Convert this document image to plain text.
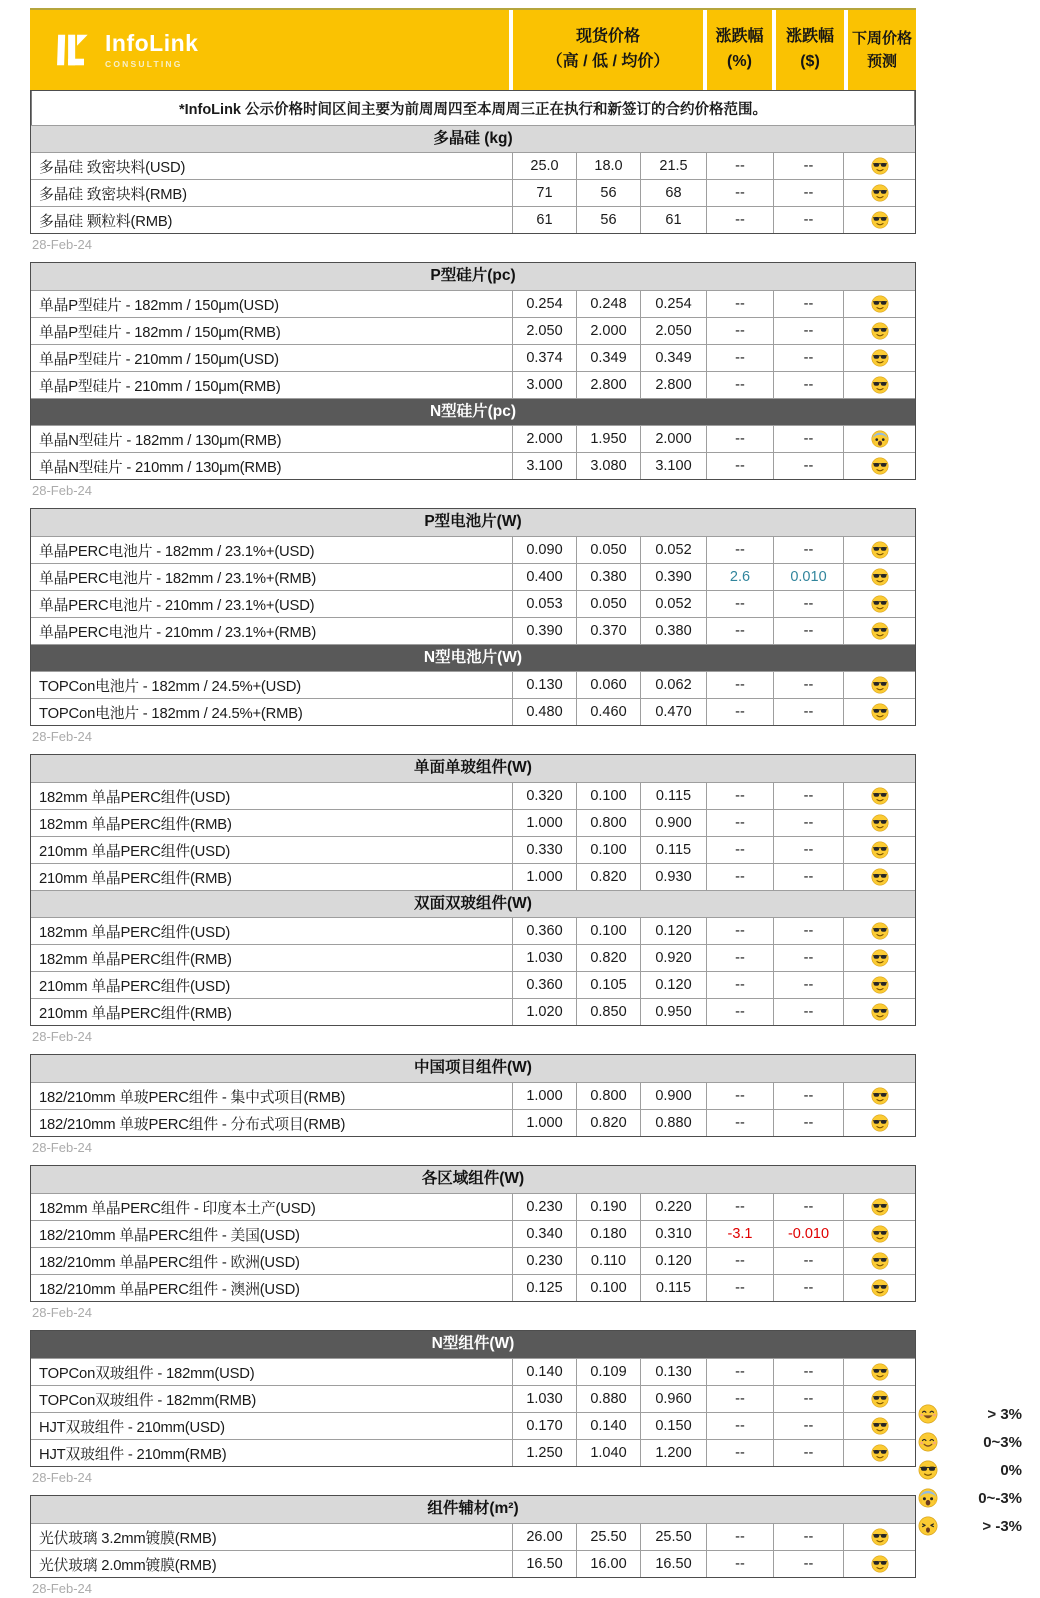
InfoLink
CONSULTING
现货价格
（高 / 低 / 均价）
涨跌幅
(%)
涨跌幅
($)
下周价格
预测
*InfoLink 公示价格时间区间主要为前周周四至本周周三正在执行和新签订的合约价格范围。
多晶硅 (kg)
多晶硅 致密块料(USD)	25.0	18.0	21.5	--	--
多晶硅 致密块料(RMB)	71	56	68	--	--
多晶硅 颗粒料(RMB)	61	56	61	--	--
28-Feb-24
P型硅片(pc)
单晶P型硅片 - 182mm / 150μm(USD)	0.254	0.248	0.254	--	--
单晶P型硅片 - 182mm / 150μm(RMB)	2.050	2.000	2.050	--	--
单晶P型硅片 - 210mm / 150μm(USD)	0.374	0.349	0.349	--	--
单晶P型硅片 - 210mm / 150μm(RMB)	3.000	2.800	2.800	--	--
N型硅片(pc)
单晶N型硅片 - 182mm / 130μm(RMB)	2.000	1.950	2.000	--	--
单晶N型硅片 - 210mm / 130μm(RMB)	3.100	3.080	3.100	--	--
28-Feb-24
P型电池片(W)
单晶PERC电池片 - 182mm / 23.1%+(USD)	0.090	0.050	0.052	--	--
单晶PERC电池片 - 182mm / 23.1%+(RMB)	0.400	0.380	0.390	2.6	0.010
单晶PERC电池片 - 210mm / 23.1%+(USD)	0.053	0.050	0.052	--	--
单晶PERC电池片 - 210mm / 23.1%+(RMB)	0.390	0.370	0.380	--	--
N型电池片(W)
TOPCon电池片 - 182mm / 24.5%+(USD)	0.130	0.060	0.062	--	--
TOPCon电池片 - 182mm / 24.5%+(RMB)	0.480	0.460	0.470	--	--
28-Feb-24
单面单玻组件(W)
182mm 单晶PERC组件(USD)	0.320	0.100	0.115	--	--
182mm 单晶PERC组件(RMB)	1.000	0.800	0.900	--	--
210mm 单晶PERC组件(USD)	0.330	0.100	0.115	--	--
210mm 单晶PERC组件(RMB)	1.000	0.820	0.930	--	--
双面双玻组件(W)
182mm 单晶PERC组件(USD)	0.360	0.100	0.120	--	--
182mm 单晶PERC组件(RMB)	1.030	0.820	0.920	--	--
210mm 单晶PERC组件(USD)	0.360	0.105	0.120	--	--
210mm 单晶PERC组件(RMB)	1.020	0.850	0.950	--	--
28-Feb-24
中国项目组件(W)
182/210mm 单玻PERC组件 - 集中式项目(RMB)	1.000	0.800	0.900	--	--
182/210mm 单玻PERC组件 - 分布式项目(RMB)	1.000	0.820	0.880	--	--
28-Feb-24
各区域组件(W)
182mm 单晶PERC组件 - 印度本土产(USD)	0.230	0.190	0.220	--	--
182/210mm 单晶PERC组件 - 美国(USD)	0.340	0.180	0.310	-3.1	-0.010
182/210mm 单晶PERC组件 - 欧洲(USD)	0.230	0.110	0.120	--	--
182/210mm 单晶PERC组件 - 澳洲(USD)	0.125	0.100	0.115	--	--
28-Feb-24
N型组件(W)
TOPCon双玻组件 - 182mm(USD)	0.140	0.109	0.130	--	--
TOPCon双玻组件 - 182mm(RMB)	1.030	0.880	0.960	--	--
HJT双玻组件 - 210mm(USD)	0.170	0.140	0.150	--	--
HJT双玻组件 - 210mm(RMB)	1.250	1.040	1.200	--	--
28-Feb-24
组件辅材(m²)
光伏玻璃 3.2mm镀膜(RMB)	26.00	25.50	25.50	--	--
光伏玻璃 2.0mm镀膜(RMB)	16.50	16.00	16.50	--	--
28-Feb-24
> 3%
0~3%
0%
0~-3%
> -3%
